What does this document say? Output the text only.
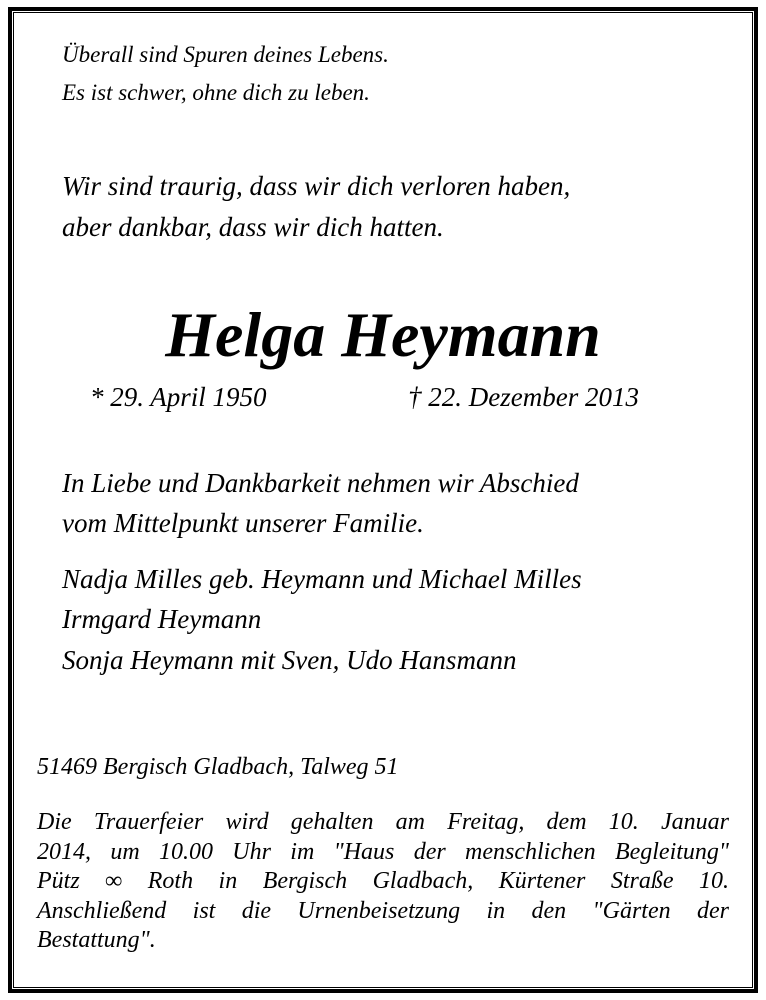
Überall sind Spuren deines Lebens.

Es ist schwer, ohne dich zu leben.

Wir sind traurig, dass wir dich verloren haben,

aber dankbar, dass wir dich hatten.

Helga Heymann

* 29. April 1950	† 22. Dezember 2013

In Liebe und Dankbarkeit nehmen wir Abschied

vom Mittelpunkt unserer Familie.

Nadja Milles geb. Heymann und Michael Milles

Irmgard Heymann

Sonja Heymann mit Sven, Udo Hansmann

51469 Bergisch Gladbach, Talweg 51

Die Trauerfeier wird gehalten am Freitag, dem 10. Januar
2014, um 10.00 Uhr im "Haus der menschlichen Begleitung"
Pütz ∞ Roth in Bergisch Gladbach, Kürtener Straße 10.
Anschließend ist die Urnenbeisetzung in den "Gärten der
Bestattung".
